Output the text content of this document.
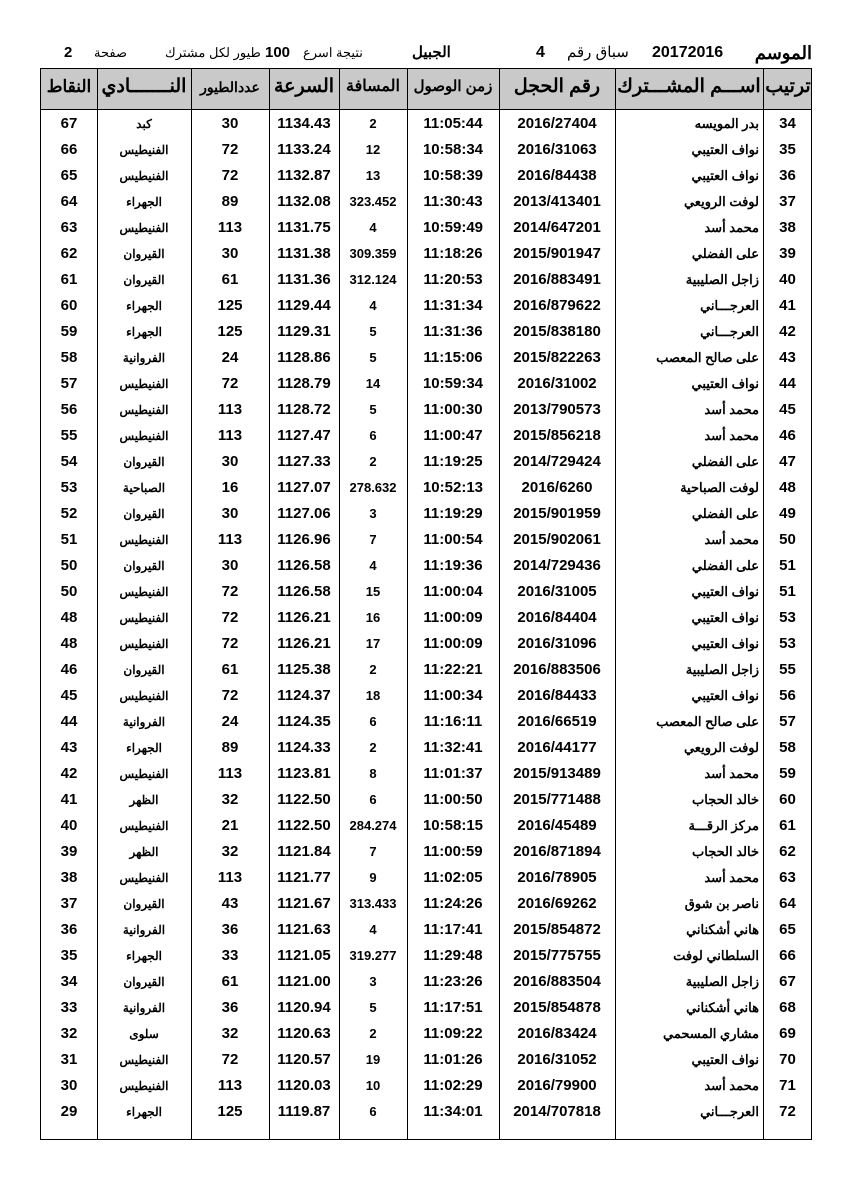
الموسم
20172016
سباق رقم
4
الجبيل
نتيجة اسرع
100
طيور لكل مشترك
صفحة
2
ترتيب
اســـم المشـــترك
رقم الحجل
زمن الوصول
المسافة
السرعة
عددالطيور
النـــــــادي
النقاط
34
بدر المويسه
2016/27404
11:05:44
2
1134.43
30
كبد
67
35
نواف العتيبي
2016/31063
10:58:34
12
1133.24
72
الفنيطيس
66
36
نواف العتيبي
2016/84438
10:58:39
13
1132.87
72
الفنيطيس
65
37
لوفت الرويعي
2013/413401
11:30:43
323.452
1132.08
89
الجهراء
64
38
محمد أسد
2014/647201
10:59:49
4
1131.75
113
الفنيطيس
63
39
على الفضلي
2015/901947
11:18:26
309.359
1131.38
30
القيروان
62
40
زاجل الصليبية
2016/883491
11:20:53
312.124
1131.36
61
القيروان
61
41
العرجـــاني
2016/879622
11:31:34
4
1129.44
125
الجهراء
60
42
العرجـــاني
2015/838180
11:31:36
5
1129.31
125
الجهراء
59
43
على صالح المعصب
2015/822263
11:15:06
5
1128.86
24
الفروانية
58
44
نواف العتيبي
2016/31002
10:59:34
14
1128.79
72
الفنيطيس
57
45
محمد أسد
2013/790573
11:00:30
5
1128.72
113
الفنيطيس
56
46
محمد أسد
2015/856218
11:00:47
6
1127.47
113
الفنيطيس
55
47
على الفضلي
2014/729424
11:19:25
2
1127.33
30
القيروان
54
48
لوفت الصباحية
2016/6260
10:52:13
278.632
1127.07
16
الصباحية
53
49
على الفضلي
2015/901959
11:19:29
3
1127.06
30
القيروان
52
50
محمد أسد
2015/902061
11:00:54
7
1126.96
113
الفنيطيس
51
51
على الفضلي
2014/729436
11:19:36
4
1126.58
30
القيروان
50
51
نواف العتيبي
2016/31005
11:00:04
15
1126.58
72
الفنيطيس
50
53
نواف العتيبي
2016/84404
11:00:09
16
1126.21
72
الفنيطيس
48
53
نواف العتيبي
2016/31096
11:00:09
17
1126.21
72
الفنيطيس
48
55
زاجل الصليبية
2016/883506
11:22:21
2
1125.38
61
القيروان
46
56
نواف العتيبي
2016/84433
11:00:34
18
1124.37
72
الفنيطيس
45
57
على صالح المعصب
2016/66519
11:16:11
6
1124.35
24
الفروانية
44
58
لوفت الرويعي
2016/44177
11:32:41
2
1124.33
89
الجهراء
43
59
محمد أسد
2015/913489
11:01:37
8
1123.81
113
الفنيطيس
42
60
خالد الحجاب
2015/771488
11:00:50
6
1122.50
32
الظهر
41
61
مركز الرقـــة
2016/45489
10:58:15
284.274
1122.50
21
الفنيطيس
40
62
خالد الحجاب
2016/871894
11:00:59
7
1121.84
32
الظهر
39
63
محمد أسد
2016/78905
11:02:05
9
1121.77
113
الفنيطيس
38
64
ناصر بن شوق
2016/69262
11:24:26
313.433
1121.67
43
القيروان
37
65
هاني أشكناني
2015/854872
11:17:41
4
1121.63
36
الفروانية
36
66
السلطاني لوفت
2015/775755
11:29:48
319.277
1121.05
33
الجهراء
35
67
زاجل الصليبية
2016/883504
11:23:26
3
1121.00
61
القيروان
34
68
هاني أشكناني
2015/854878
11:17:51
5
1120.94
36
الفروانية
33
69
مشاري المسحمي
2016/83424
11:09:22
2
1120.63
32
سلوى
32
70
نواف العتيبي
2016/31052
11:01:26
19
1120.57
72
الفنيطيس
31
71
محمد أسد
2016/79900
11:02:29
10
1120.03
113
الفنيطيس
30
72
العرجـــاني
2014/707818
11:34:01
6
1119.87
125
الجهراء
29
